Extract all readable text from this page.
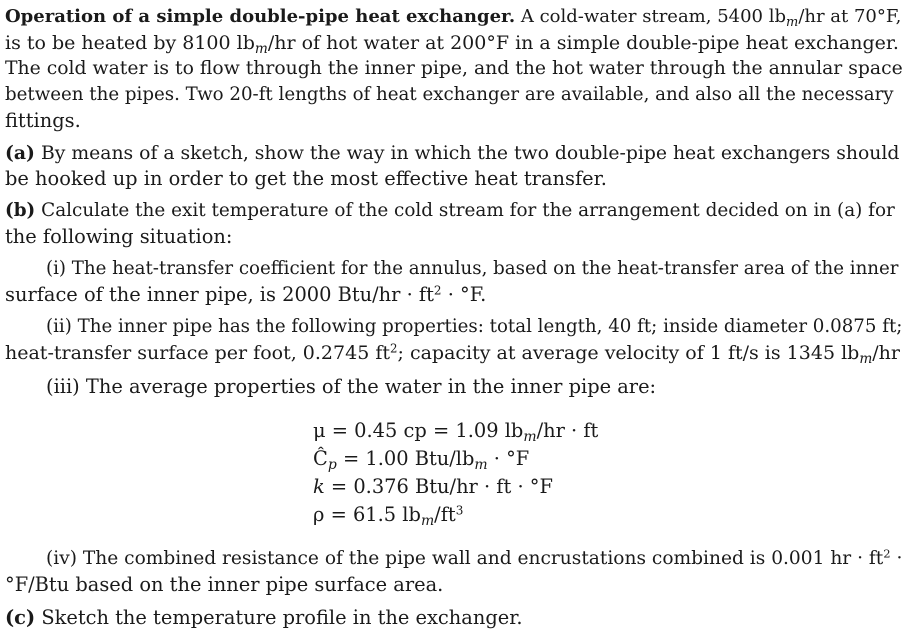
Operation of a simple double-pipe heat exchanger. A cold-water stream, 5400 $lb_m/hr$ at 70°F,
is to be heated by 8100 $lb_m/hr$ of hot water at 200°F in a simple double-pipe heat exchanger.
The cold water is to flow through the inner pipe, and the hot water through the annular space
between the pipes. Two 20-ft lengths of heat exchanger are available, and also all the necessary
fittings.
(a) By means of a sketch, show the way in which the two double-pipe heat exchangers should
be hooked up in order to get the most effective heat transfer.
(b) Calculate the exit temperature of the cold stream for the arrangement decided on in (a) for
the following situation:
(i) The heat-transfer coefficient for the annulus, based on the heat-transfer area of the inner
surface of the inner pipe, is 2000 $Btu/hr \cdot ft^2 \cdot ^\circ F$.
(ii) The inner pipe has the following properties: total length, 40 ft; inside diameter 0.0875 ft;
heat-transfer surface per foot, 0.2745 $ft^2$; capacity at average velocity of 1 ft/s is 1345 $lb_m/hr$
(iii) The average properties of the water in the inner pipe are:
μ = 0.45 cp = 1.09 $lb_m/hr$ · ft
$Ĉ_p = 1.00$ Btu/$lb_m \cdot ^\circ F$
k = 0.376 Btu/hr · ft · °F
ρ = 61.5 $lb_m/ft^3$
(iv) The combined resistance of the pipe wall and encrustations combined is 0.001 hr · $ft^2$ ·
°F/Btu based on the inner pipe surface area.
(c) Sketch the temperature profile in the exchanger.
